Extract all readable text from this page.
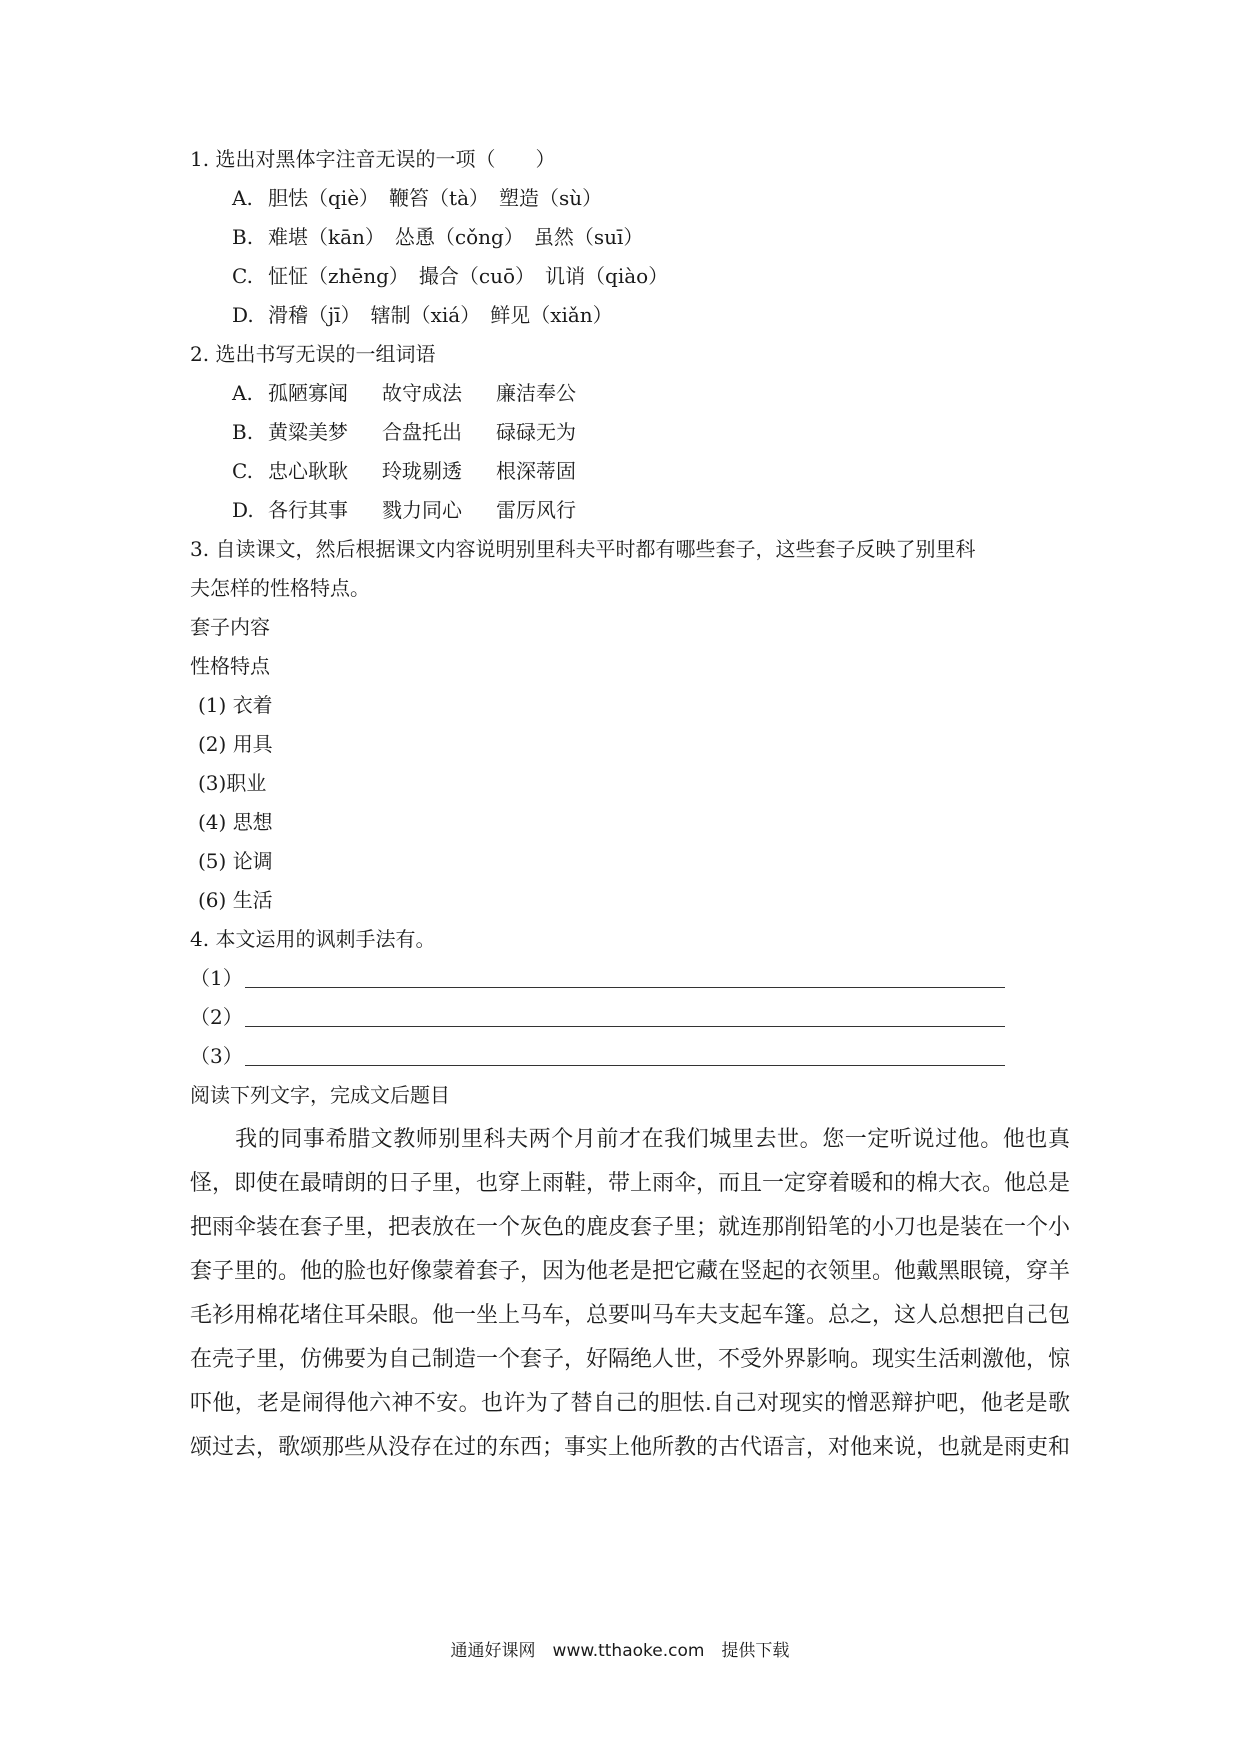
1. 选出对黑体字注音无误的一项（　　）
A. 胆怯（qiè）　鞭笞（tà）　塑造（sù）
B. 难堪（kān）　怂恿（cǒng）　虽然（suī）
C. 怔怔（zhēng）　撮合（cuō）　讥诮（qiào）
D. 滑稽（jī）　辖制（xiá）　鲜见（xiǎn）
2. 选出书写无误的一组词语
A. 孤陋寡闻 故守成法 廉洁奉公
B. 黄粱美梦 合盘托出 碌碌无为
C. 忠心耿耿 玲珑剔透 根深蒂固
D. 各行其事 戮力同心 雷厉风行
3. 自读课文，然后根据课文内容说明别里科夫平时都有哪些套子，这些套子反映了别里科
夫怎样的性格特点。
套子内容
性格特点
(1) 衣着
(2) 用具
(3)职业
(4) 思想
(5) 论调
(6) 生活
4. 本文运用的讽刺手法有。
（1）
（2）
（3）
阅读下列文字，完成文后题目
　　我的同事希腊文教师别里科夫两个月前才在我们城里去世。您一定听说过他。他也真怪，即使在最晴朗的日子里，也穿上雨鞋，带上雨伞，而且一定穿着暖和的棉大衣。他总是把雨伞装在套子里，把表放在一个灰色的鹿皮套子里；就连那削铅笔的小刀也是装在一个小套子里的。他的脸也好像蒙着套子，因为他老是把它藏在竖起的衣领里。他戴黑眼镜，穿羊毛衫用棉花堵住耳朵眼。他一坐上马车，总要叫马车夫支起车篷。总之，这人总想把自己包在壳子里，仿佛要为自己制造一个套子，好隔绝人世，不受外界影响。现实生活刺激他，惊吓他，老是闹得他六神不安。也许为了替自己的胆怯.自己对现实的憎恶辩护吧，他老是歌颂过去，歌颂那些从没存在过的东西；事实上他所教的古代语言，对他来说，也就是雨吏和
通通好课网　www.tthaoke.com　提供下载
